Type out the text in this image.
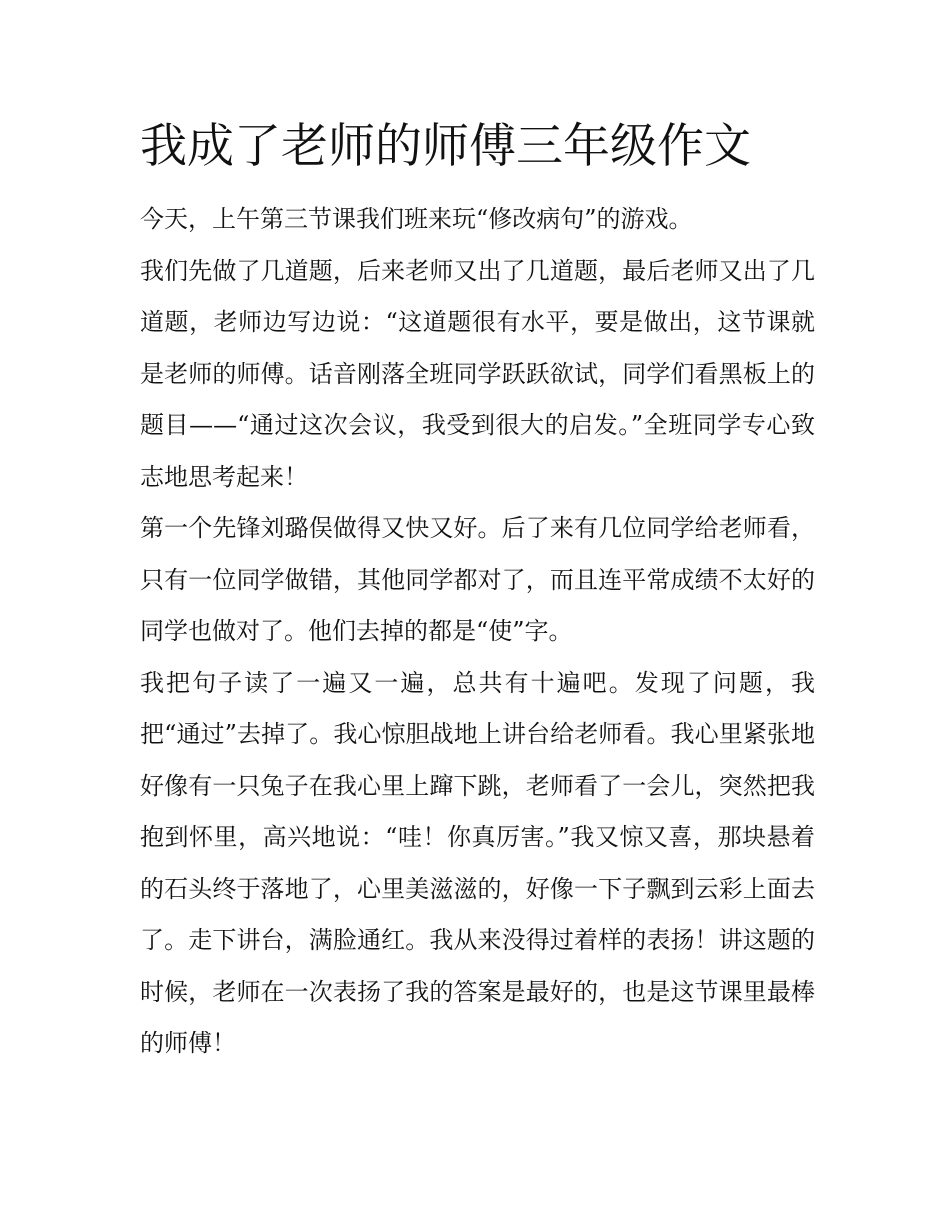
我成了老师的师傅三年级作文

今天，上午第三节课我们班来玩“修改病句”的游戏。

我们先做了几道题，后来老师又出了几道题，最后老师又出了几道题，老师边写边说：“这道题很有水平，要是做出，这节课就是老师的师傅。话音刚落全班同学跃跃欲试，同学们看黑板上的题目——“通过这次会议，我受到很大的启发。”全班同学专心致志地思考起来！

第一个先锋刘璐俣做得又快又好。后了来有几位同学给老师看，只有一位同学做错，其他同学都对了，而且连平常成绩不太好的同学也做对了。他们去掉的都是“使”字。

我把句子读了一遍又一遍，总共有十遍吧。发现了问题，我把“通过”去掉了。我心惊胆战地上讲台给老师看。我心里紧张地好像有一只兔子在我心里上蹿下跳，老师看了一会儿，突然把我抱到怀里，高兴地说：“哇！你真厉害。”我又惊又喜，那块悬着的石头终于落地了，心里美滋滋的，好像一下子飘到云彩上面去了。走下讲台，满脸通红。我从来没得过着样的表扬！讲这题的时候，老师在一次表扬了我的答案是最好的，也是这节课里最棒的师傅！
